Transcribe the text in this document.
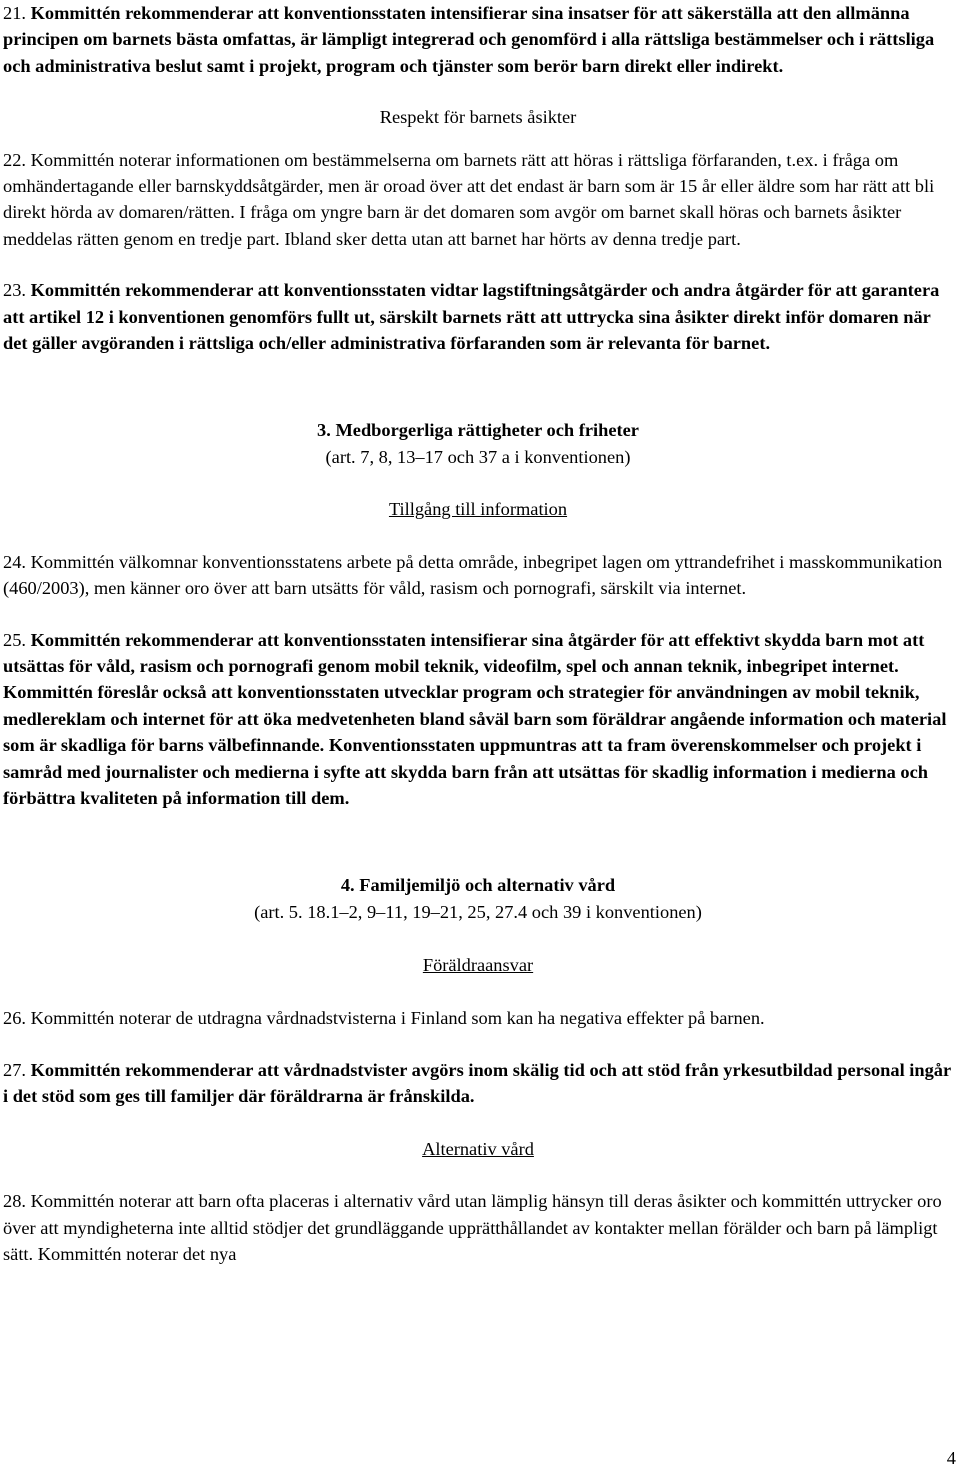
21. Kommittén rekommenderar att konventionsstaten intensifierar sina insatser för att säkerställa att den allmänna principen om barnets bästa omfattas, är lämpligt integrerad och genomförd i alla rättsliga bestämmelser och i rättsliga och administrativa beslut samt i projekt, program och tjänster som berör barn direkt eller indirekt.

Respekt för barnets åsikter

22. Kommittén noterar informationen om bestämmelserna om barnets rätt att höras i rättsliga förfaranden, t.ex. i fråga om omhändertagande eller barnskyddsåtgärder, men är oroad över att det endast är barn som är 15 år eller äldre som har rätt att bli direkt hörda av domaren/rätten. I fråga om yngre barn är det domaren som avgör om barnet skall höras och barnets åsikter meddelas rätten genom en tredje part. Ibland sker detta utan att barnet har hörts av denna tredje part.

23. Kommittén rekommenderar att konventionsstaten vidtar lagstiftningsåtgärder och andra åtgärder för att garantera att artikel 12 i konventionen genomförs fullt ut, särskilt barnets rätt att uttrycka sina åsikter direkt inför domaren när det gäller avgöranden i rättsliga och/eller administrativa förfaranden som är relevanta för barnet.

3. Medborgerliga rättigheter och friheter

(art. 7, 8, 13–17 och 37 a i konventionen)

Tillgång till information

24. Kommittén välkomnar konventionsstatens arbete på detta område, inbegripet lagen om yttrandefrihet i masskommunikation (460/2003), men känner oro över att barn utsätts för våld, rasism och pornografi, särskilt via internet.

25. Kommittén rekommenderar att konventionsstaten intensifierar sina åtgärder för att effektivt skydda barn mot att utsättas för våld, rasism och pornografi genom mobil teknik, videofilm, spel och annan teknik, inbegripet internet. Kommittén föreslår också att konventionsstaten utvecklar program och strategier för användningen av mobil teknik, medlereklam och internet för att öka medvetenheten bland såväl barn som föräldrar angående information och material som är skadliga för barns välbefinnande. Konventionsstaten uppmuntras att ta fram överenskommelser och projekt i samråd med journalister och medierna i syfte att skydda barn från att utsättas för skadlig information i medierna och förbättra kvaliteten på information till dem.

4. Familjemiljö och alternativ vård

(art. 5. 18.1–2, 9–11, 19–21, 25, 27.4 och 39 i konventionen)

Föräldraansvar

26. Kommittén noterar de utdragna vårdnadstvisterna i Finland som kan ha negativa effekter på barnen.

27. Kommittén rekommenderar att vårdnadstvister avgörs inom skälig tid och att stöd från yrkesutbildad personal ingår i det stöd som ges till familjer där föräldrarna är frånskilda.

Alternativ vård

28. Kommittén noterar att barn ofta placeras i alternativ vård utan lämplig hänsyn till deras åsikter och kommittén uttrycker oro över att myndigheterna inte alltid stödjer det grundläggande upprätthållandet av kontakter mellan förälder och barn på lämpligt sätt. Kommittén noterar det nya

4
